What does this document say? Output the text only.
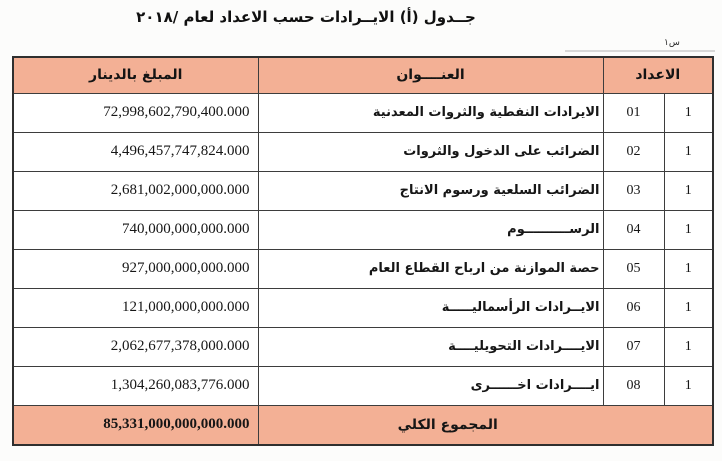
جــدول (أ) الايــرادات حسب الاعداد لعام /٢٠١٨
س١
المبلغ بالدينار	العنــــوان	الاعداد	
72,998,602,790,400.000	الايرادات النفطية والثروات المعدنية	01	1
4,496,457,747,824.000	الضرائب على الدخول والثروات	02	1
2,681,002,000,000.000	الضرائب السلعية ورسوم الانتاج	03	1
740,000,000,000.000	الرســــــــــوم	04	1
927,000,000,000.000	حصة الموازنة من ارباح القطاع العام	05	1
121,000,000,000.000	الايــرادات الرأسماليـــــة	06	1
2,062,677,378,000.000	الايــــرادات التحويليــــة	07	1
1,304,260,083,776.000	ايــــرادات اخــــــرى	08	1
85,331,000,000,000.000	المجموع الكلي		
